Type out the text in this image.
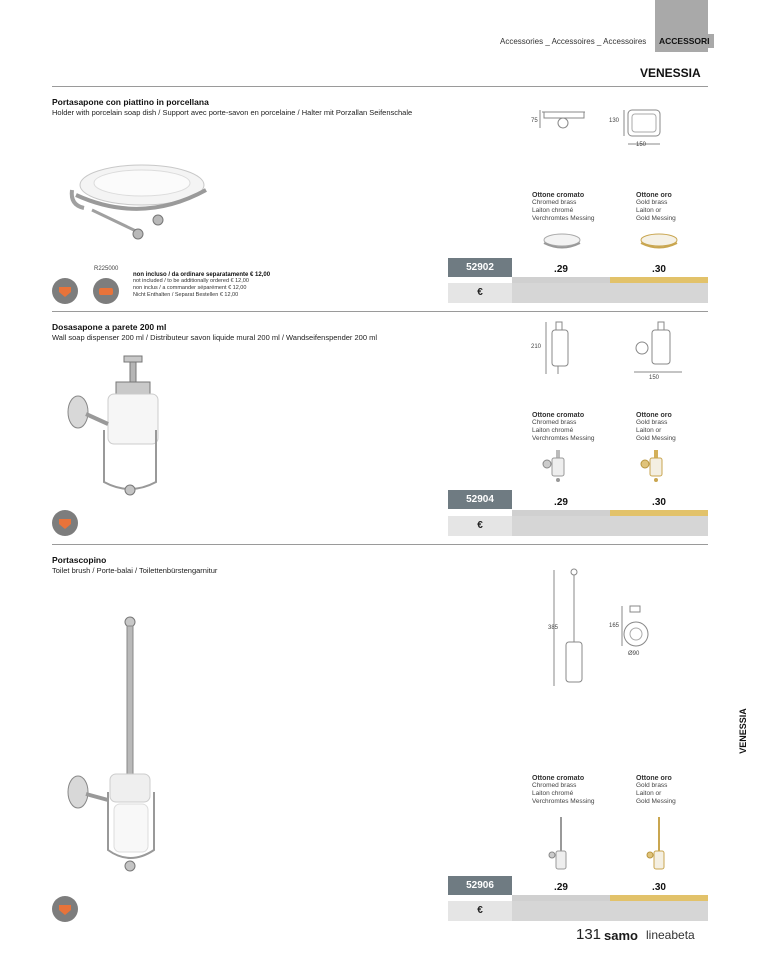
Accessories _ Accessoires _ Accessoires	ACCESSORI
VENESSIA
VENESSIA
Portasapone con piattino in porcellana
Holder with porcelain soap dish / Support avec porte-savon en porcelaine / Halter mit Porzallan Seifenschale
75	130
150
Ottone cromato
Chromed brass
Laiton chromé
Verchromtes Messing
Ottone oro
Gold brass
Laiton or
Gold Messing
52902	.29	.30
€
R225000
non incluso / da ordinare separatamente € 12,00
not included / to be additionally ordered € 12,00
non inclus / a commander séparément € 12,00
Nicht Enthalten / Separat Bestellen € 12,00
Dosasapone a parete 200 ml
Wall soap dispenser 200 ml / Distributeur savon liquide mural 200 ml / Wandseifenspender 200 ml
210
150
Ottone cromato
Chromed brass
Laiton chromé
Verchromtes Messing
Ottone oro
Gold brass
Laiton or
Gold Messing
52904	.29	.30
€
Portascopino
Toilet brush / Porte-balai / Toilettenbürstengarnitur
385	165
Ø90
Ottone cromato
Chromed brass
Laiton chromé
Verchromtes Messing
Ottone oro
Gold brass
Laiton or
Gold Messing
52906	.29	.30
€
131 samo lineabeta
